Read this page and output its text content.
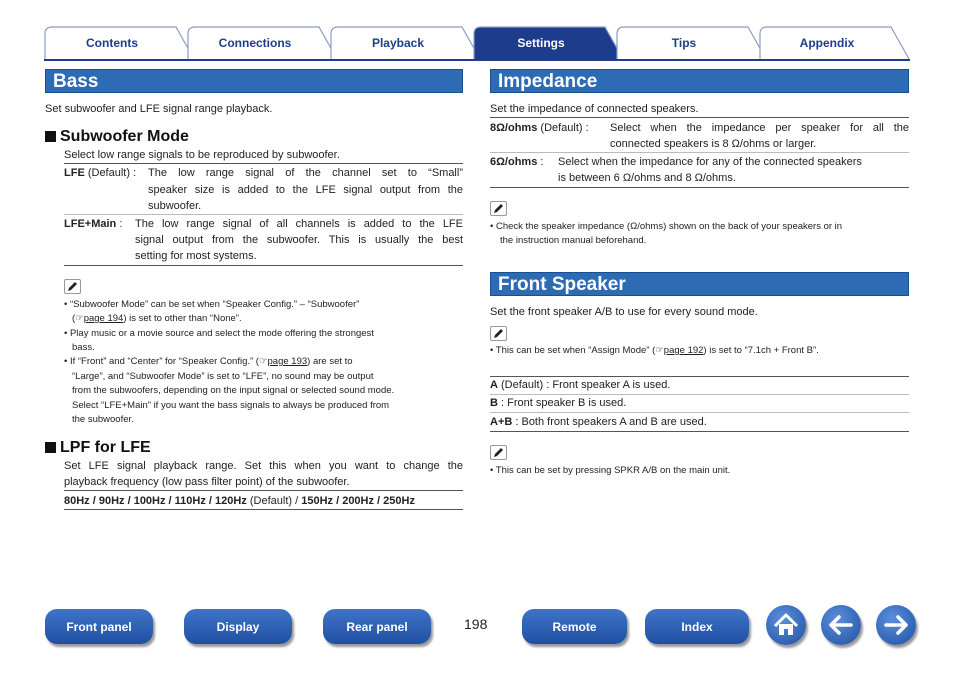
Contents	Connections	Playback	Settings	Tips	Appendix
Bass
Set subwoofer and LFE signal range playback.
Subwoofer Mode
Select low range signals to be reproduced by subwoofer.
LFE (Default) :	The low range signal of the channel set to “Small”
speaker size is added to the LFE signal output from the
subwoofer.
LFE+Main : The low range signal of all channels is added to the LFE
signal output from the subwoofer. This is usually the best
setting for most systems.
• “Subwoofer Mode” can be set when “Speaker Config.” – “Subwoofer”
(☞page 194) is set to other than “None”.
• Play music or a movie source and select the mode offering the strongest
bass.
• If “Front” and “Center” for “Speaker Config.” (☞page 193) are set to
“Large”, and “Subwoofer Mode” is set to “LFE”, no sound may be output
from the subwoofers, depending on the input signal or selected sound mode.
Select “LFE+Main” if you want the bass signals to always be produced from
the subwoofer.
LPF for LFE
Set LFE signal playback range. Set this when you want to change the
playback frequency (low pass filter point) of the subwoofer.
80Hz / 90Hz / 100Hz / 110Hz / 120Hz (Default) / 150Hz / 200Hz / 250Hz
Impedance
Set the impedance of connected speakers.
8Ω/ohms (Default) : Select when the impedance per speaker for all the
connected speakers is 8 Ω/ohms or larger.
6Ω/ohms : Select when the impedance for any of the connected speakers
is between 6 Ω/ohms and 8 Ω/ohms.
• Check the speaker impedance (Ω/ohms) shown on the back of your speakers or in
the instruction manual beforehand.
Front Speaker
Set the front speaker A/B to use for every sound mode.
• This can be set when “Assign Mode” (☞page 192) is set to “7.1ch + Front B”.
A (Default) : Front speaker A is used.
B : Front speaker B is used.
A+B : Both front speakers A and B are used.
• This can be set by pressing SPKR A/B on the main unit.
Front panel	Display	Rear panel	198	Remote	Index
